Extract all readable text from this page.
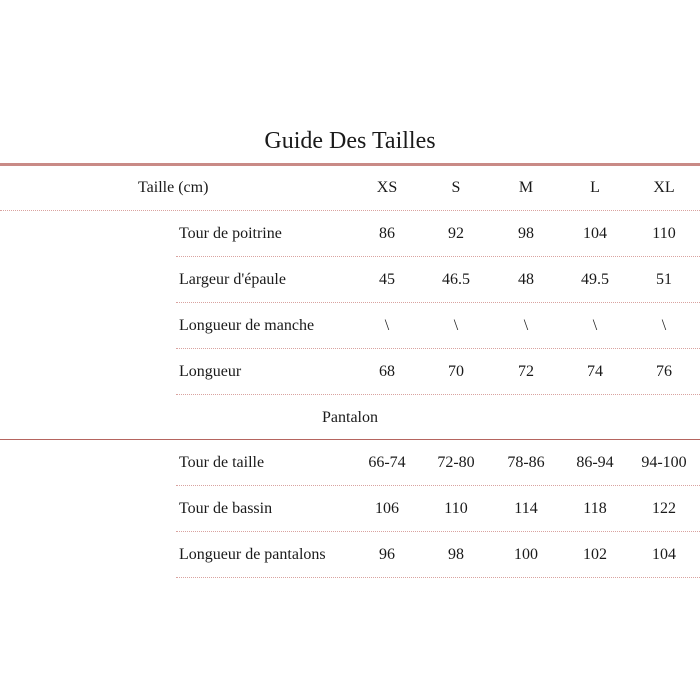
Guide Des Tailles
Taille (cm)	XS	S	M	L	XL
Tour de poitrine	86	92	98	104	110
Largeur d'épaule	45	46.5	48	49.5	51
Longueur de manche	\	\	\	\	\
Longueur	68	70	72	74	76
Pantalon
Tour de taille	66-74	72-80	78-86	86-94	94-100
Tour de bassin	106	110	114	118	122
Longueur de pantalons	96	98	100	102	104
